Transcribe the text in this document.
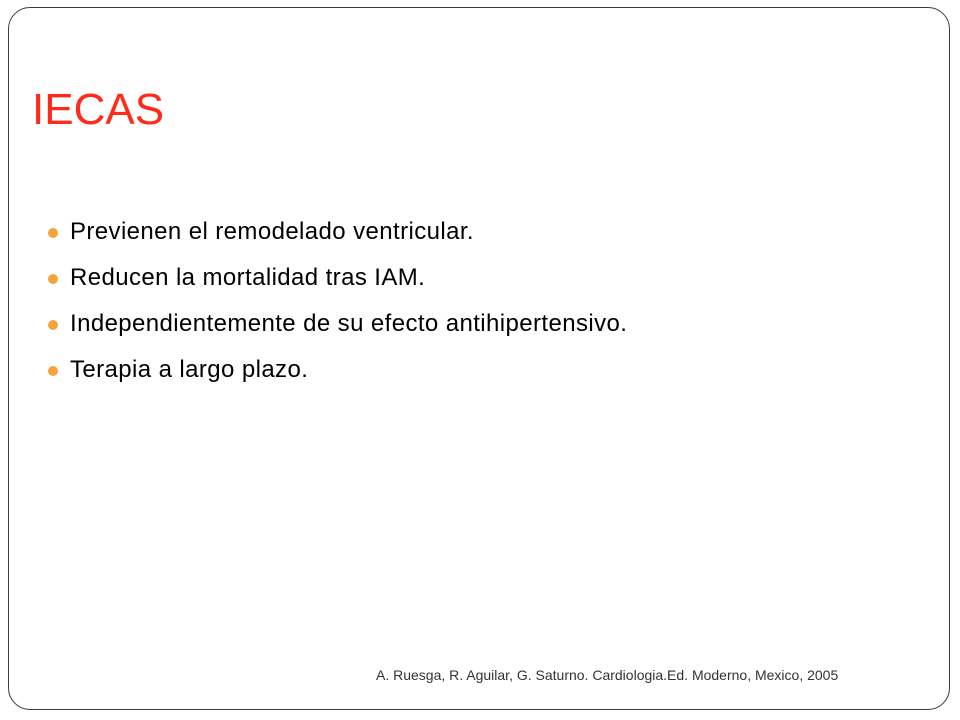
IECAS
Previenen el remodelado ventricular.
Reducen la mortalidad tras IAM.
Independientemente de su efecto antihipertensivo.
Terapia a largo plazo.
A. Ruesga, R. Aguilar, G. Saturno. Cardiologia.Ed. Moderno, Mexico, 2005
